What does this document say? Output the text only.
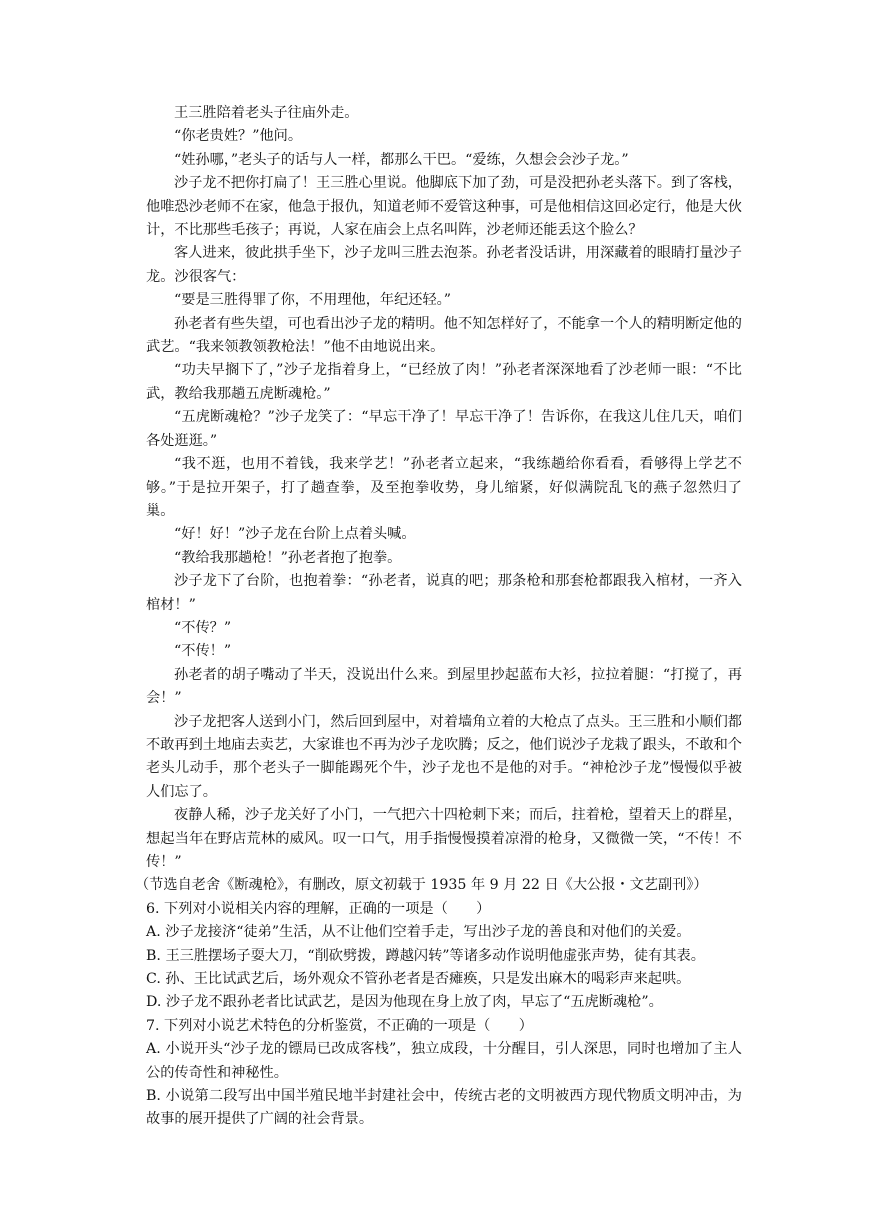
王三胜陪着老头子往庙外走。

“你老贵姓？”他问。

“姓孙哪，”老头子的话与人一样，都那么干巴。“爱练，久想会会沙子龙。”

沙子龙不把你打扁了！王三胜心里说。他脚底下加了劲，可是没把孙老头落下。到了客栈，他唯恐沙老师不在家，他急于报仇，知道老师不爱管这种事，可是他相信这回必定行，他是大伙计，不比那些毛孩子；再说，人家在庙会上点名叫阵，沙老师还能丢这个脸么？

客人进来，彼此拱手坐下，沙子龙叫三胜去泡茶。孙老者没话讲，用深藏着的眼睛打量沙子龙。沙很客气：

“要是三胜得罪了你，不用理他，年纪还轻。”

孙老者有些失望，可也看出沙子龙的精明。他不知怎样好了，不能拿一个人的精明断定他的武艺。“我来领教领教枪法！”他不由地说出来。

“功夫早搁下了，”沙子龙指着身上，“已经放了肉！”孙老者深深地看了沙老师一眼：“不比武，教给我那趟五虎断魂枪。”

“五虎断魂枪？”沙子龙笑了：“早忘干净了！早忘干净了！告诉你，在我这儿住几天，咱们各处逛逛。”

“我不逛，也用不着钱，我来学艺！”孙老者立起来，“我练趟给你看看，看够得上学艺不够。”于是拉开架子，打了趟查拳，及至抱拳收势，身儿缩紧，好似满院乱飞的燕子忽然归了巢。

“好！好！”沙子龙在台阶上点着头喊。

“教给我那趟枪！”孙老者抱了抱拳。

沙子龙下了台阶，也抱着拳：“孙老者，说真的吧；那条枪和那套枪都跟我入棺材，一齐入棺材！”

“不传？”

“不传！”

孙老者的胡子嘴动了半天，没说出什么来。到屋里抄起蓝布大衫，拉拉着腿：“打搅了，再会！”

沙子龙把客人送到小门，然后回到屋中，对着墙角立着的大枪点了点头。王三胜和小顺们都不敢再到土地庙去卖艺，大家谁也不再为沙子龙吹腾；反之，他们说沙子龙栽了跟头，不敢和个老头儿动手，那个老头子一脚能踢死个牛，沙子龙也不是他的对手。“神枪沙子龙”慢慢似乎被人们忘了。

夜静人稀，沙子龙关好了小门，一气把六十四枪刺下来；而后，拄着枪，望着天上的群星，想起当年在野店荒林的威风。叹一口气，用手指慢慢摸着凉滑的枪身，又微微一笑，“不传！不传！”

（节选自老舍《断魂枪》，有删改，原文初载于 1935 年 9 月 22 日《大公报・文艺副刊》）

6. 下列对小说相关内容的理解，正确的一项是（　　）

A. 沙子龙接济“徒弟”生活，从不让他们空着手走，写出沙子龙的善良和对他们的关爱。

B. 王三胜摆场子耍大刀，“削砍劈拨，蹲越闪转”等诸多动作说明他虚张声势，徒有其表。

C. 孙、王比试武艺后，场外观众不管孙老者是否瘫痪，只是发出麻木的喝彩声来起哄。

D. 沙子龙不跟孙老者比试武艺，是因为他现在身上放了肉，早忘了“五虎断魂枪”。

7. 下列对小说艺术特色的分析鉴赏，不正确的一项是（　　）

A. 小说开头“沙子龙的镖局已改成客栈”，独立成段，十分醒目，引人深思，同时也增加了主人公的传奇性和神秘性。

B. 小说第二段写出中国半殖民地半封建社会中，传统古老的文明被西方现代物质文明冲击，为故事的展开提供了广阔的社会背景。
